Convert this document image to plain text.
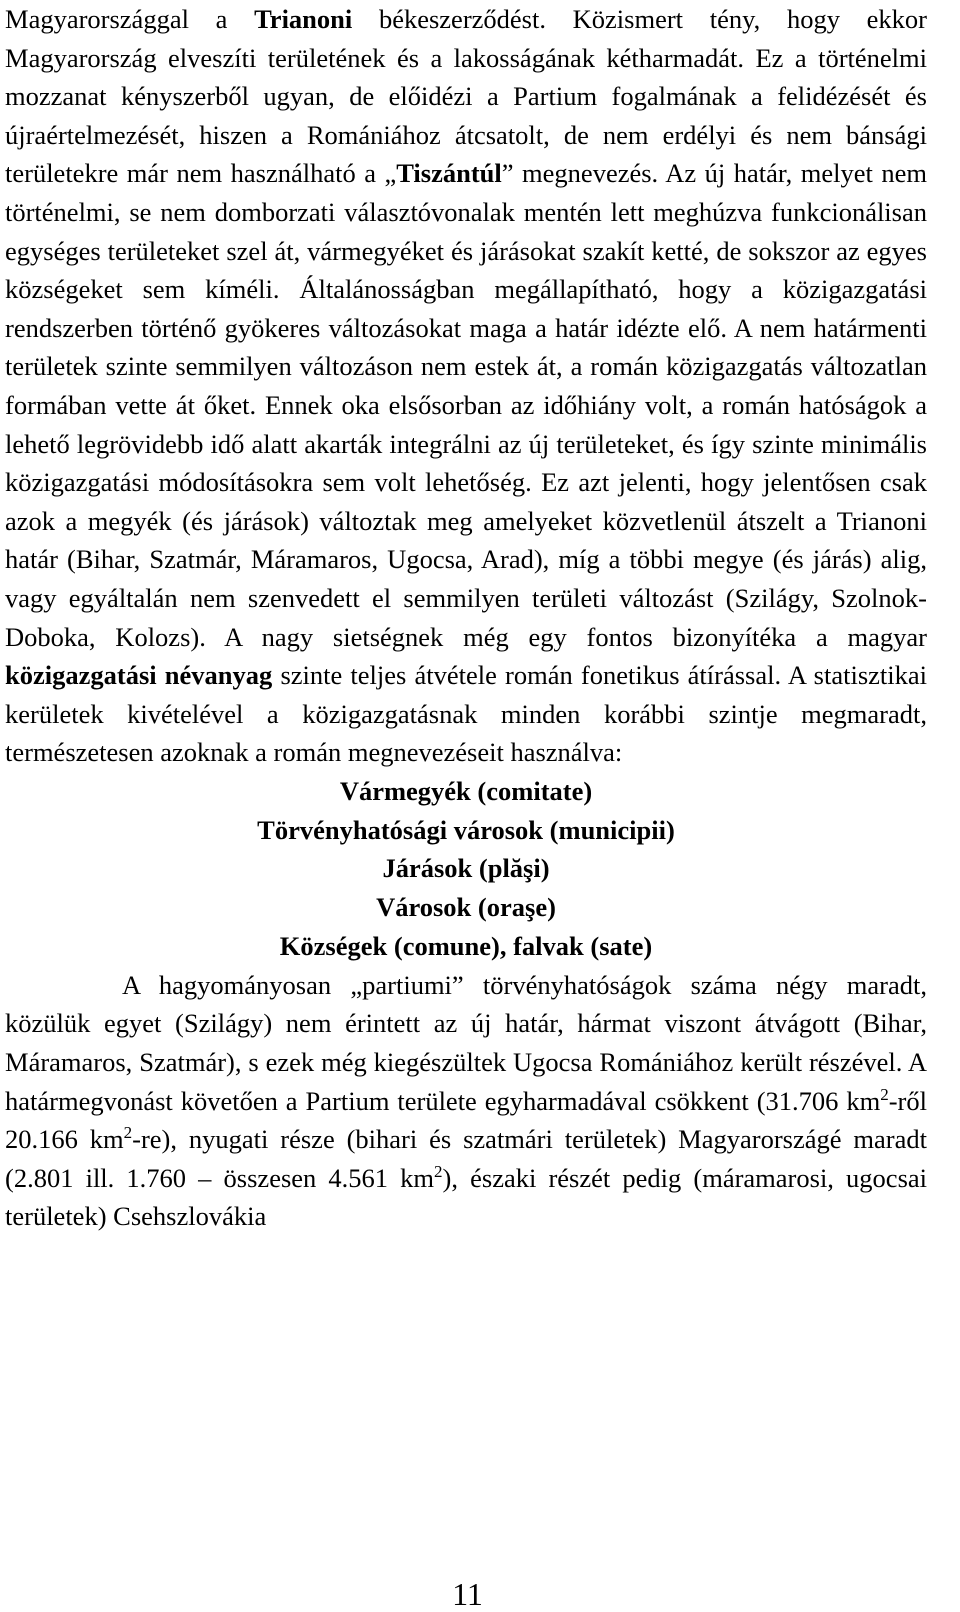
Magyarországgal a Trianoni békeszerződést. Közismert tény, hogy ekkor Magyarország elveszíti területének és a lakosságának kétharmadát. Ez a történelmi mozzanat kényszerből ugyan, de előidézi a Partium fogalmának a felidézését és újraértelmezését, hiszen a Romániához átcsatolt, de nem erdélyi és nem bánsági területekre már nem használható a „Tiszántúl” megnevezés. Az új határ, melyet nem történelmi, se nem domborzati választóvonalak mentén lett meghúzva funkcionálisan egységes területeket szel át, vármegyéket és járásokat szakít ketté, de sokszor az egyes községeket sem kíméli. Általánosságban megállapítható, hogy a közigazgatási rendszerben történő gyökeres változásokat maga a határ idézte elő. A nem határmenti területek szinte semmilyen változáson nem estek át, a román közigazgatás változatlan formában vette át őket. Ennek oka elsősorban az időhiány volt, a román hatóságok a lehető legrövidebb idő alatt akarták integrálni az új területeket, és így szinte minimális közigazgatási módosításokra sem volt lehetőség. Ez azt jelenti, hogy jelentősen csak azok a megyék (és járások) változtak meg amelyeket közvetlenül átszelt a Trianoni határ (Bihar, Szatmár, Máramaros, Ugocsa, Arad), míg a többi megye (és járás) alig, vagy egyáltalán nem szenvedett el semmilyen területi változást (Szilágy, Szolnok-Doboka, Kolozs). A nagy sietségnek még egy fontos bizonyítéka a magyar közigazgatási névanyag szinte teljes átvétele román fonetikus átírással. A statisztikai kerületek kivételével a közigazgatásnak minden korábbi szintje megmaradt, természetesen azoknak a román megnevezéseit használva:

Vármegyék (comitate)
Törvényhatósági városok (municipii)
Járások (plăşi)
Városok (oraşe)
Községek (comune), falvak (sate)

A hagyományosan „partiumi” törvényhatóságok száma négy maradt, közülük egyet (Szilágy) nem érintett az új határ, hármat viszont átvágott (Bihar, Máramaros, Szatmár), s ezek még kiegészültek Ugocsa Romániához került részével. A határmegvonást követően a Partium területe egyharmadával csökkent (31.706 $km^2$-ről 20.166 $km^2-re$), nyugati része (bihari és szatmári területek) Magyarországé maradt (2.801 ill. 1.760 – összesen 4.561 $km^2$), északi részét pedig (máramarosi, ugocsai területek) Csehszlovákia

11
